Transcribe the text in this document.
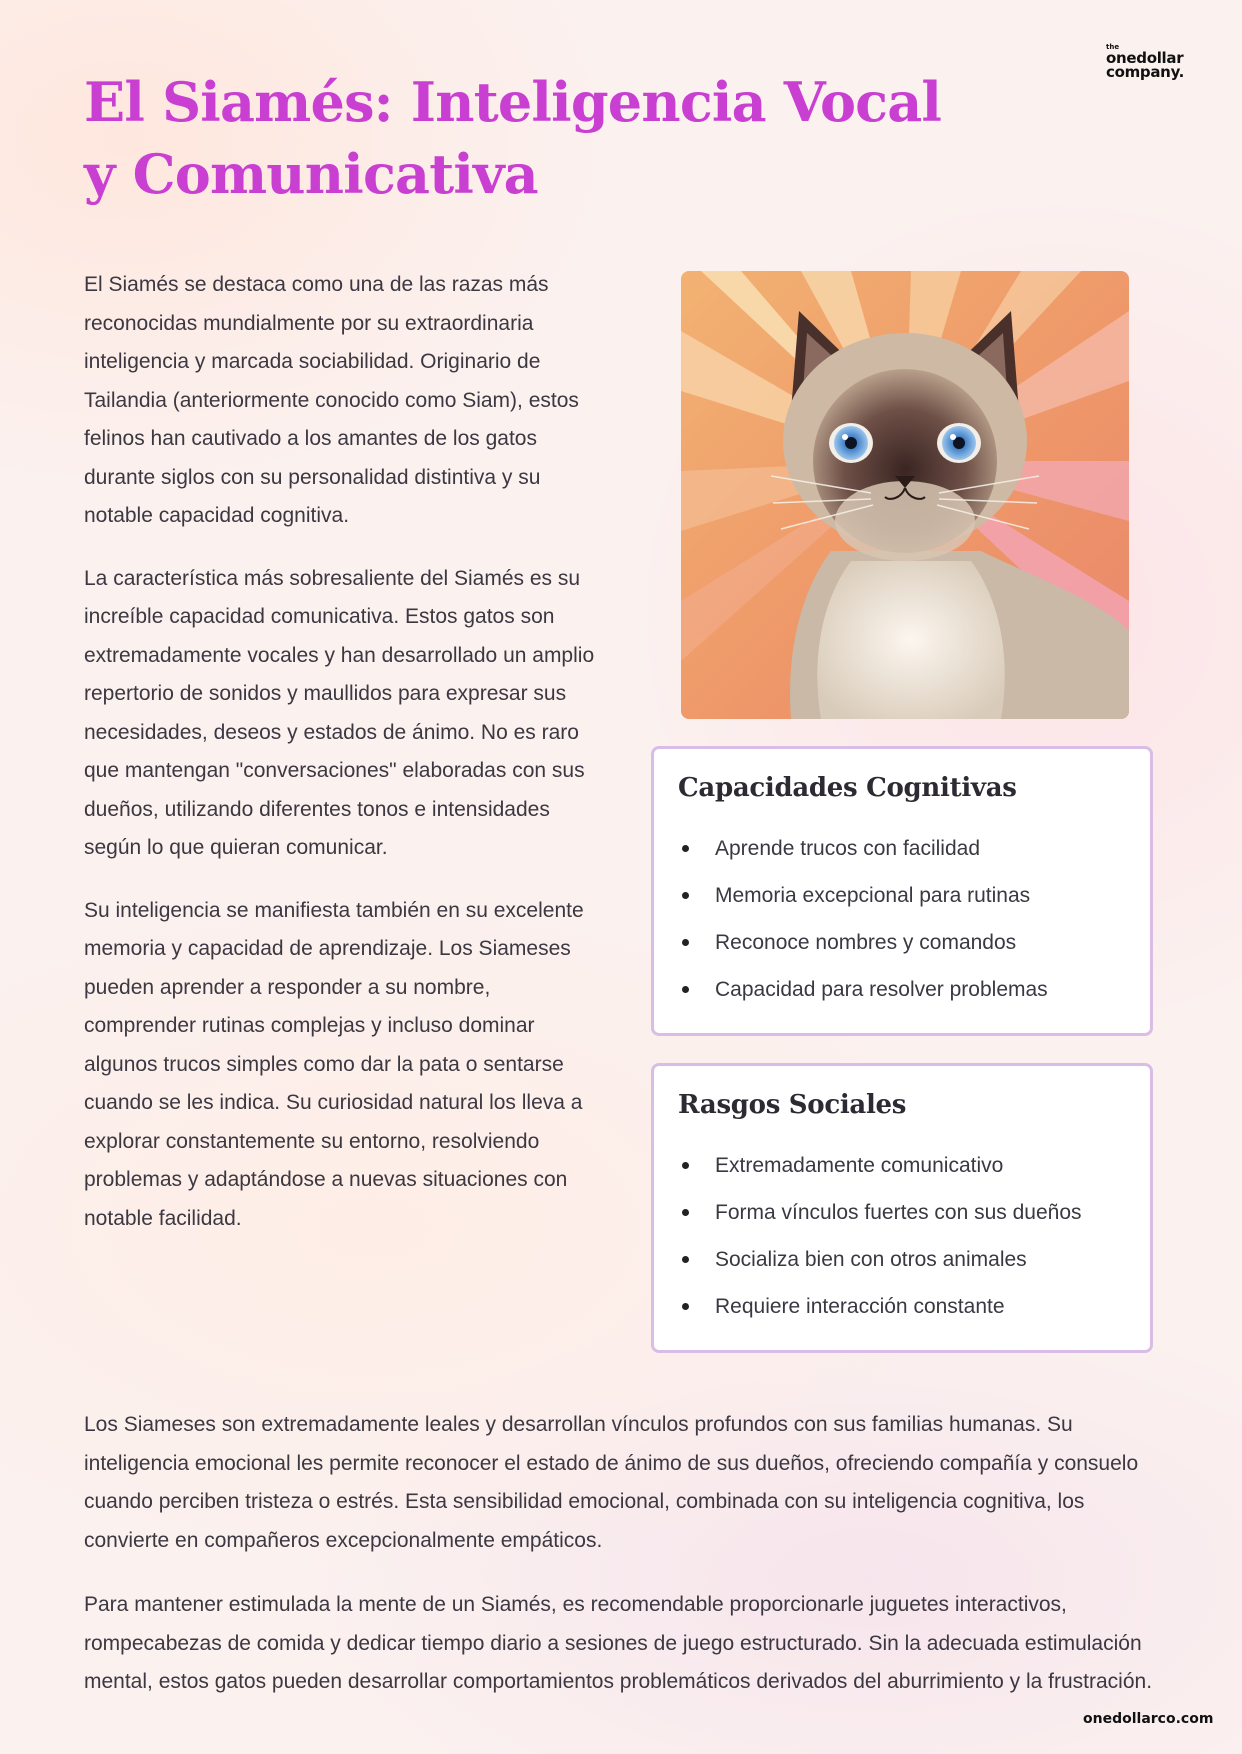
the
onedollar
company.
El Siamés: Inteligencia Vocal y Comunicativa

El Siamés se destaca como una de las razas más reconocidas mundialmente por su extraordinaria inteligencia y marcada sociabilidad. Originario de Tailandia (anteriormente conocido como Siam), estos felinos han cautivado a los amantes de los gatos durante siglos con su personalidad distintiva y su notable capacidad cognitiva.

La característica más sobresaliente del Siamés es su increíble capacidad comunicativa. Estos gatos son extremadamente vocales y han desarrollado un amplio repertorio de sonidos y maullidos para expresar sus necesidades, deseos y estados de ánimo. No es raro que mantengan "conversaciones" elaboradas con sus dueños, utilizando diferentes tonos e intensidades según lo que quieran comunicar.

Su inteligencia se manifiesta también en su excelente memoria y capacidad de aprendizaje. Los Siameses pueden aprender a responder a su nombre, comprender rutinas complejas y incluso dominar algunos trucos simples como dar la pata o sentarse cuando se les indica. Su curiosidad natural los lleva a explorar constantemente su entorno, resolviendo problemas y adaptándose a nuevas situaciones con notable facilidad.

Capacidades Cognitivas
Aprende trucos con facilidad
Memoria excepcional para rutinas
Reconoce nombres y comandos
Capacidad para resolver problemas
Rasgos Sociales
Extremadamente comunicativo
Forma vínculos fuertes con sus dueños
Socializa bien con otros animales
Requiere interacción constante

Los Siameses son extremadamente leales y desarrollan vínculos profundos con sus familias humanas. Su inteligencia emocional les permite reconocer el estado de ánimo de sus dueños, ofreciendo compañía y consuelo cuando perciben tristeza o estrés. Esta sensibilidad emocional, combinada con su inteligencia cognitiva, los convierte en compañeros excepcionalmente empáticos.

Para mantener estimulada la mente de un Siamés, es recomendable proporcionarle juguetes interactivos, rompecabezas de comida y dedicar tiempo diario a sesiones de juego estructurado. Sin la adecuada estimulación mental, estos gatos pueden desarrollar comportamientos problemáticos derivados del aburrimiento y la frustración.

onedollarco.com
